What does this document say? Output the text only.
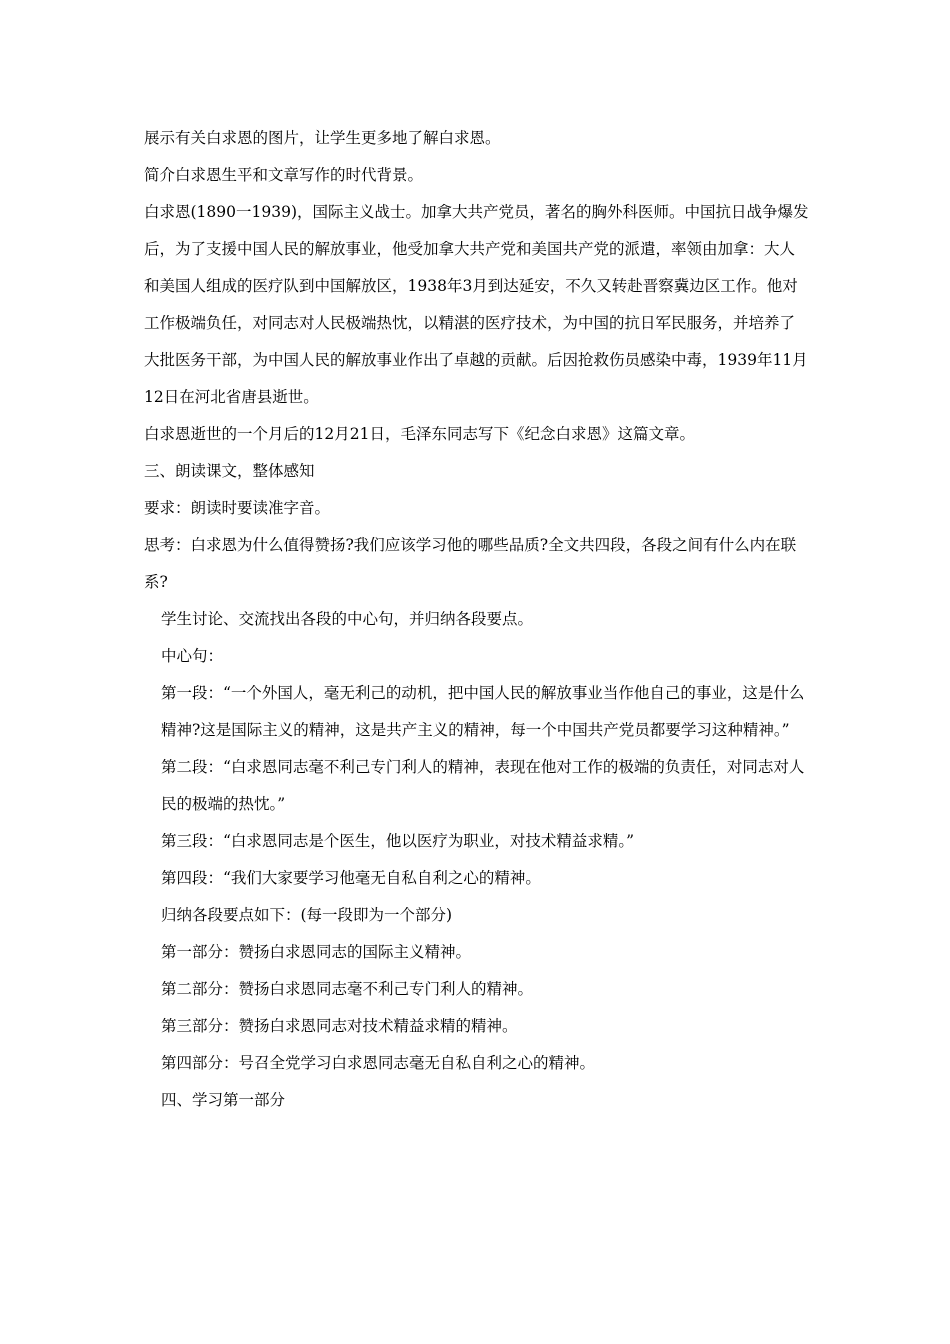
展示有关白求恩的图片，让学生更多地了解白求恩。

简介白求恩生平和文章写作的时代背景。

白求恩(1890一1939)，国际主义战士。加拿大共产党员，著名的胸外科医师。中国抗日战争爆发后，为了支援中国人民的解放事业，他受加拿大共产党和美国共产党的派遣，率领由加拿：大人和美国人组成的医疗队到中国解放区，1938年3月到达延安，不久又转赴晋察冀边区工作。他对工作极端负任，对同志对人民极端热忱，以精湛的医疗技术，为中国的抗日军民服务，并培养了大批医务干部，为中国人民的解放事业作出了卓越的贡献。后因抢救伤员感染中毒，1939年11月12日在河北省唐县逝世。

白求恩逝世的一个月后的12月21日，毛泽东同志写下《纪念白求恩》这篇文章。

三、朗读课文，整体感知

要求：朗读时要读准字音。

思考：白求恩为什么值得赞扬?我们应该学习他的哪些品质?全文共四段，各段之间有什么内在联系?

学生讨论、交流找出各段的中心句，并归纳各段要点。

中心句：

第一段：“一个外国人，毫无利己的动机，把中国人民的解放事业当作他自己的事业，这是什么精神?这是国际主义的精神，这是共产主义的精神，每一个中国共产党员都要学习这种精神。”

第二段：“白求恩同志毫不利己专门利人的精神，表现在他对工作的极端的负责任，对同志对人民的极端的热忱。”

第三段：“白求恩同志是个医生，他以医疗为职业，对技术精益求精。”

第四段：“我们大家要学习他毫无自私自利之心的精神。

归纳各段要点如下：(每一段即为一个部分)

第一部分：赞扬白求恩同志的国际主义精神。

第二部分：赞扬白求恩同志毫不利己专门利人的精神。

第三部分：赞扬白求恩同志对技术精益求精的精神。

第四部分：号召全党学习白求恩同志毫无自私自利之心的精神。

四、学习第一部分
